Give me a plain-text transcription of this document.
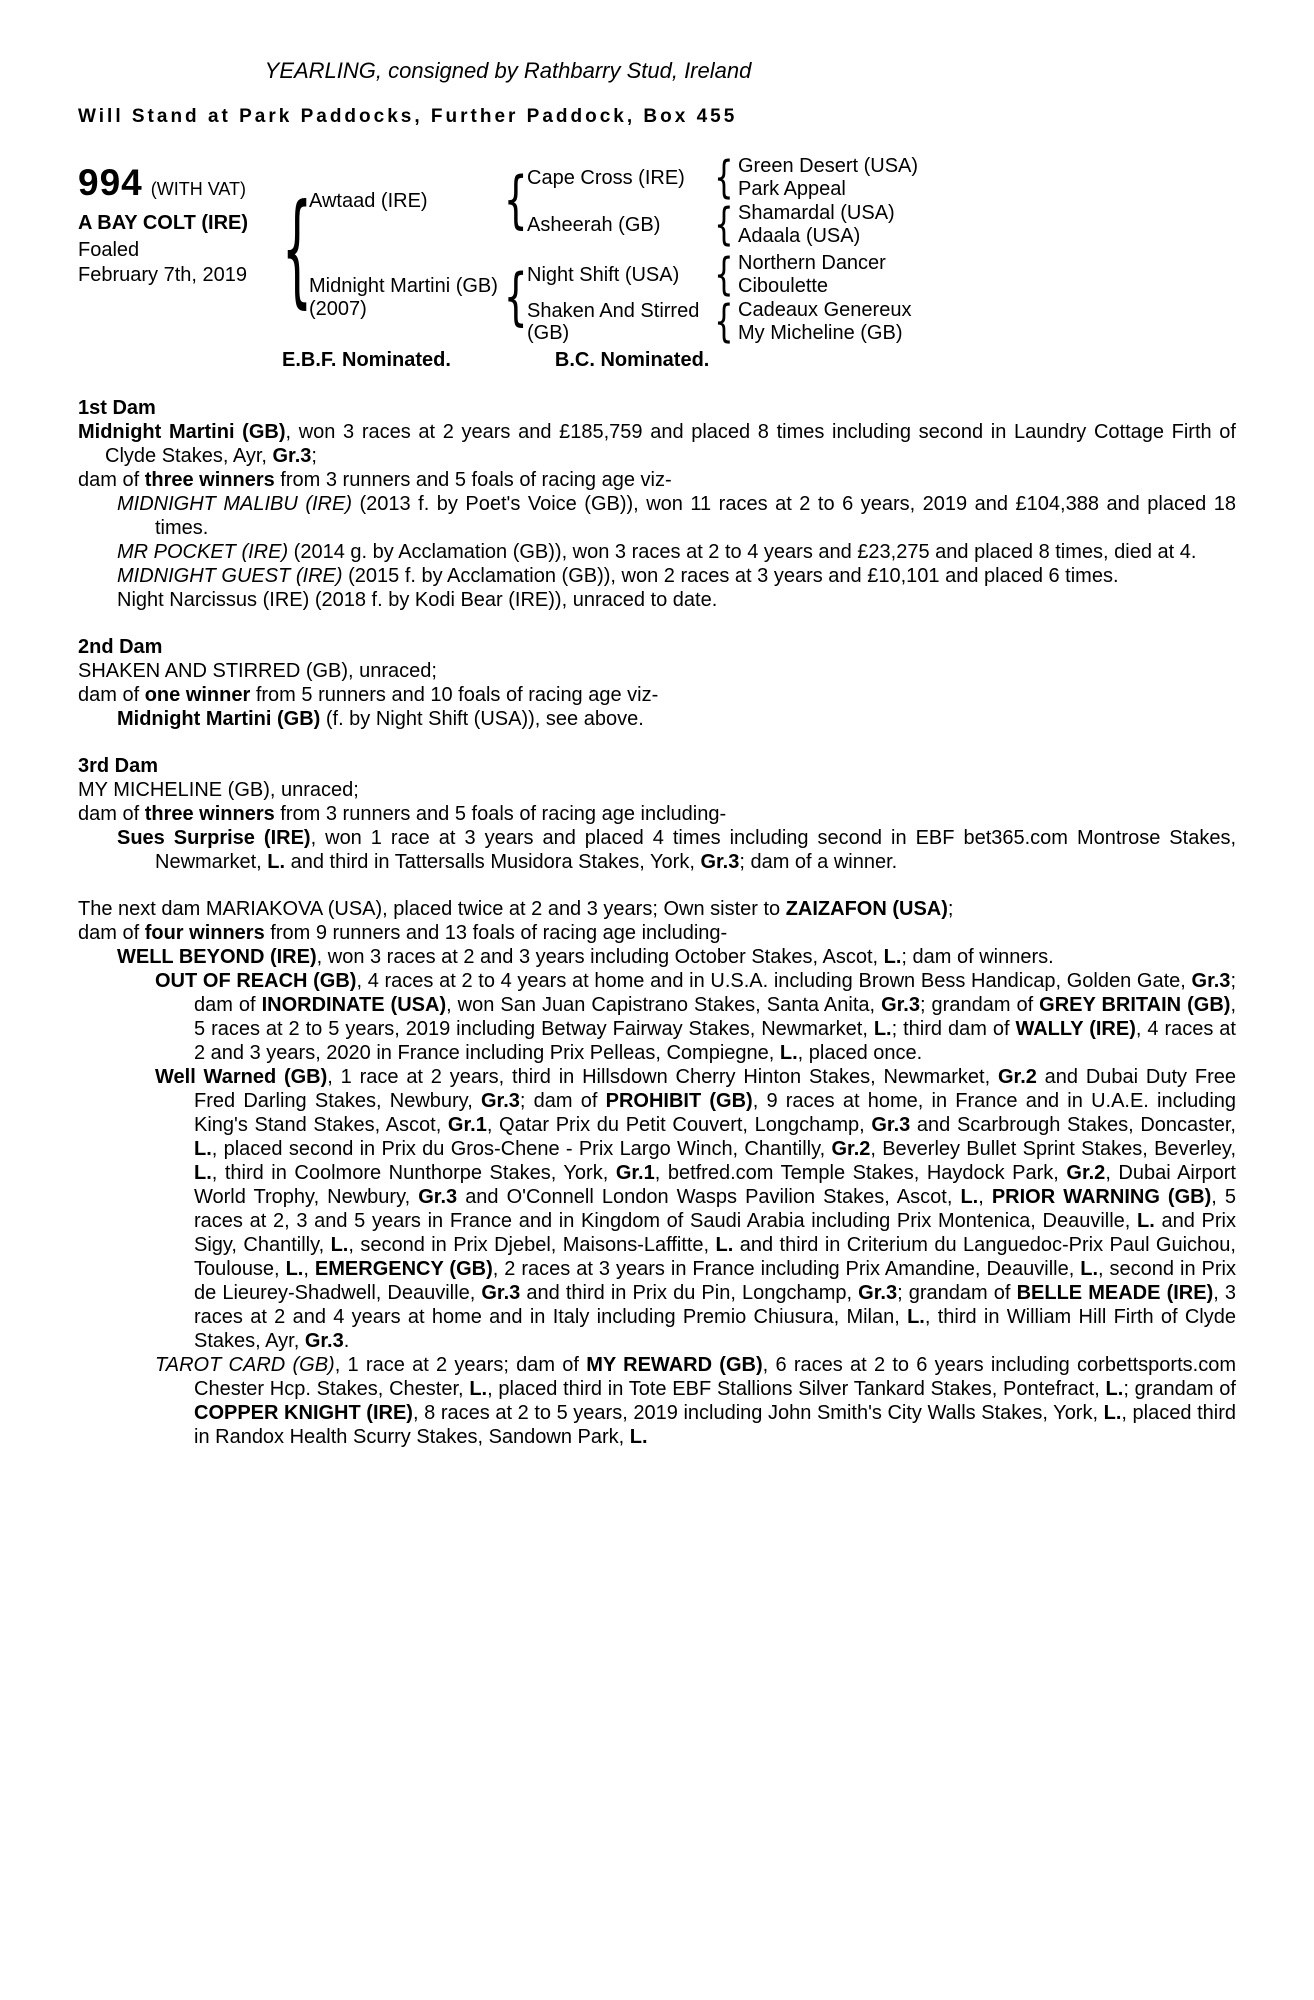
YEARLING, consigned by Rathbarry Stud, Ireland
Will Stand at Park Paddocks, Further Paddock, Box 455
994 (WITH VAT)
A BAY COLT (IRE)
Foaled
February 7th, 2019
{
Awtaad (IRE)
{
Cape Cross (IRE)
{
Green Desert (USA)
Park Appeal
Asheerah (GB)
{
Shamardal (USA)
Adaala (USA)
Midnight Martini (GB)
(2007)
{
Night Shift (USA)
{
Northern Dancer
Ciboulette
Shaken And Stirred (GB)
{
Cadeaux Genereux
My Micheline (GB)
E.B.F. Nominated.	B.C. Nominated.
1st Dam

Midnight Martini (GB), won 3 races at 2 years and £185,759 and placed 8 times including second in Laundry Cottage Firth of Clyde Stakes, Ayr, Gr.3;

dam of three winners from 3 runners and 5 foals of racing age viz-

MIDNIGHT MALIBU (IRE) (2013 f. by Poet's Voice (GB)), won 11 races at 2 to 6 years, 2019 and £104,388 and placed 18 times.

MR POCKET (IRE) (2014 g. by Acclamation (GB)), won 3 races at 2 to 4 years and £23,275 and placed 8 times, died at 4.

MIDNIGHT GUEST (IRE) (2015 f. by Acclamation (GB)), won 2 races at 3 years and £10,101 and placed 6 times.

Night Narcissus (IRE) (2018 f. by Kodi Bear (IRE)), unraced to date.

2nd Dam

SHAKEN AND STIRRED (GB), unraced;

dam of one winner from 5 runners and 10 foals of racing age viz-

Midnight Martini (GB) (f. by Night Shift (USA)), see above.

3rd Dam

MY MICHELINE (GB), unraced;

dam of three winners from 3 runners and 5 foals of racing age including-

Sues Surprise (IRE), won 1 race at 3 years and placed 4 times including second in EBF bet365.com Montrose Stakes, Newmarket, L. and third in Tattersalls Musidora Stakes, York, Gr.3; dam of a winner.

The next dam MARIAKOVA (USA), placed twice at 2 and 3 years; Own sister to ZAIZAFON (USA);

dam of four winners from 9 runners and 13 foals of racing age including-

WELL BEYOND (IRE), won 3 races at 2 and 3 years including October Stakes, Ascot, L.; dam of winners.

OUT OF REACH (GB), 4 races at 2 to 4 years at home and in U.S.A. including Brown Bess Handicap, Golden Gate, Gr.3; dam of INORDINATE (USA), won San Juan Capistrano Stakes, Santa Anita, Gr.3; grandam of GREY BRITAIN (GB), 5 races at 2 to 5 years, 2019 including Betway Fairway Stakes, Newmarket, L.; third dam of WALLY (IRE), 4 races at 2 and 3 years, 2020 in France including Prix Pelleas, Compiegne, L., placed once.

Well Warned (GB), 1 race at 2 years, third in Hillsdown Cherry Hinton Stakes, Newmarket, Gr.2 and Dubai Duty Free Fred Darling Stakes, Newbury, Gr.3; dam of PROHIBIT (GB), 9 races at home, in France and in U.A.E. including King's Stand Stakes, Ascot, Gr.1, Qatar Prix du Petit Couvert, Longchamp, Gr.3 and Scarbrough Stakes, Doncaster, L., placed second in Prix du Gros-Chene - Prix Largo Winch, Chantilly, Gr.2, Beverley Bullet Sprint Stakes, Beverley, L., third in Coolmore Nunthorpe Stakes, York, Gr.1, betfred.com Temple Stakes, Haydock Park, Gr.2, Dubai Airport World Trophy, Newbury, Gr.3 and O'Connell London Wasps Pavilion Stakes, Ascot, L., PRIOR WARNING (GB), 5 races at 2, 3 and 5 years in France and in Kingdom of Saudi Arabia including Prix Montenica, Deauville, L. and Prix Sigy, Chantilly, L., second in Prix Djebel, Maisons-Laffitte, L. and third in Criterium du Languedoc-Prix Paul Guichou, Toulouse, L., EMERGENCY (GB), 2 races at 3 years in France including Prix Amandine, Deauville, L., second in Prix de Lieurey-Shadwell, Deauville, Gr.3 and third in Prix du Pin, Longchamp, Gr.3; grandam of BELLE MEADE (IRE), 3 races at 2 and 4 years at home and in Italy including Premio Chiusura, Milan, L., third in William Hill Firth of Clyde Stakes, Ayr, Gr.3.

TAROT CARD (GB), 1 race at 2 years; dam of MY REWARD (GB), 6 races at 2 to 6 years including corbettsports.com Chester Hcp. Stakes, Chester, L., placed third in Tote EBF Stallions Silver Tankard Stakes, Pontefract, L.; grandam of COPPER KNIGHT (IRE), 8 races at 2 to 5 years, 2019 including John Smith's City Walls Stakes, York, L., placed third in Randox Health Scurry Stakes, Sandown Park, L.
